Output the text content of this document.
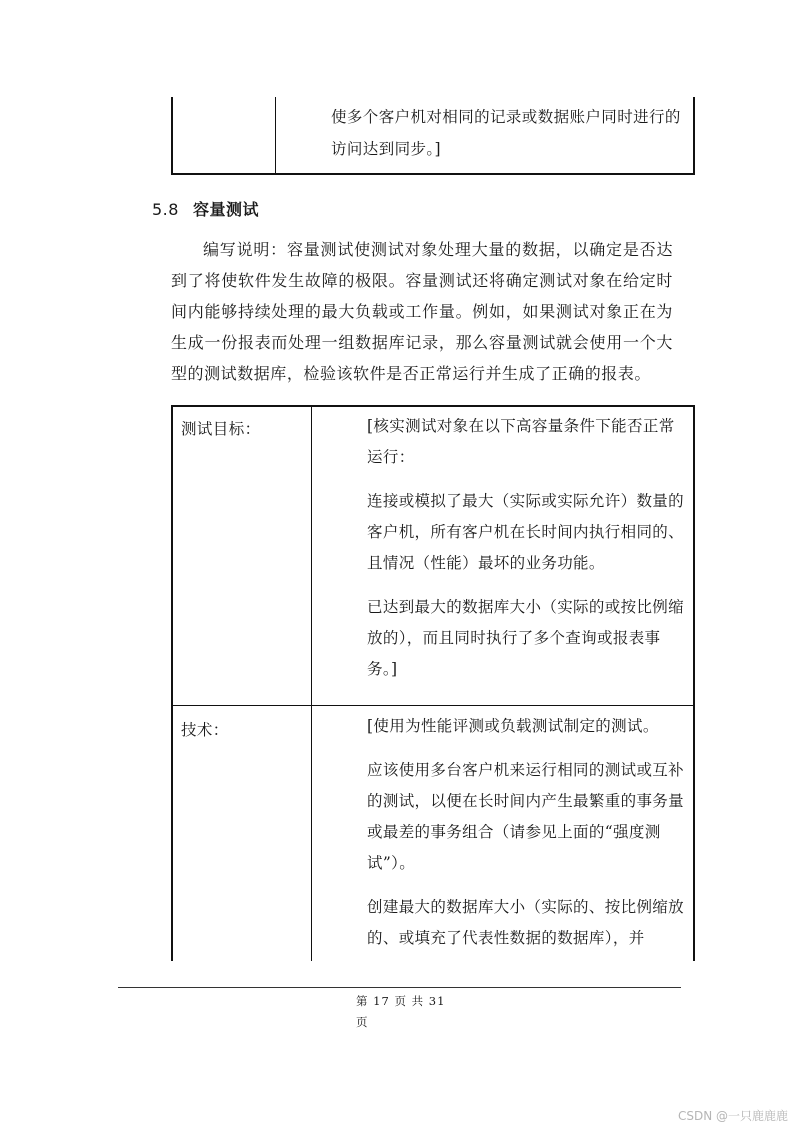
使多个客户机对相同的记录或数据账户同时进行的访问达到同步。]
5.8 容量测试
编写说明：容量测试使测试对象处理大量的数据，以确定是否达到了将使软件发生故障的极限。容量测试还将确定测试对象在给定时间内能够持续处理的最大负载或工作量。例如，如果测试对象正在为生成一份报表而处理一组数据库记录，那么容量测试就会使用一个大型的测试数据库，检验该软件是否正常运行并生成了正确的报表。
测试目标：	[核实测试对象在以下高容量条件下能否正常运行：

连接或模拟了最大（实际或实际允许）数量的客户机，所有客户机在长时间内执行相同的、且情况（性能）最坏的业务功能。

已达到最大的数据库大小（实际的或按比例缩放的），而且同时执行了多个查询或报表事务。]

技术：	[使用为性能评测或负载测试制定的测试。

应该使用多台客户机来运行相同的测试或互补的测试，以便在长时间内产生最繁重的事务量或最差的事务组合（请参见上面的“强度测试”）。

创建最大的数据库大小（实际的、按比例缩放的、或填充了代表性数据的数据库），并

第 17 页 共 31 页
CSDN @一只鹿鹿鹿
